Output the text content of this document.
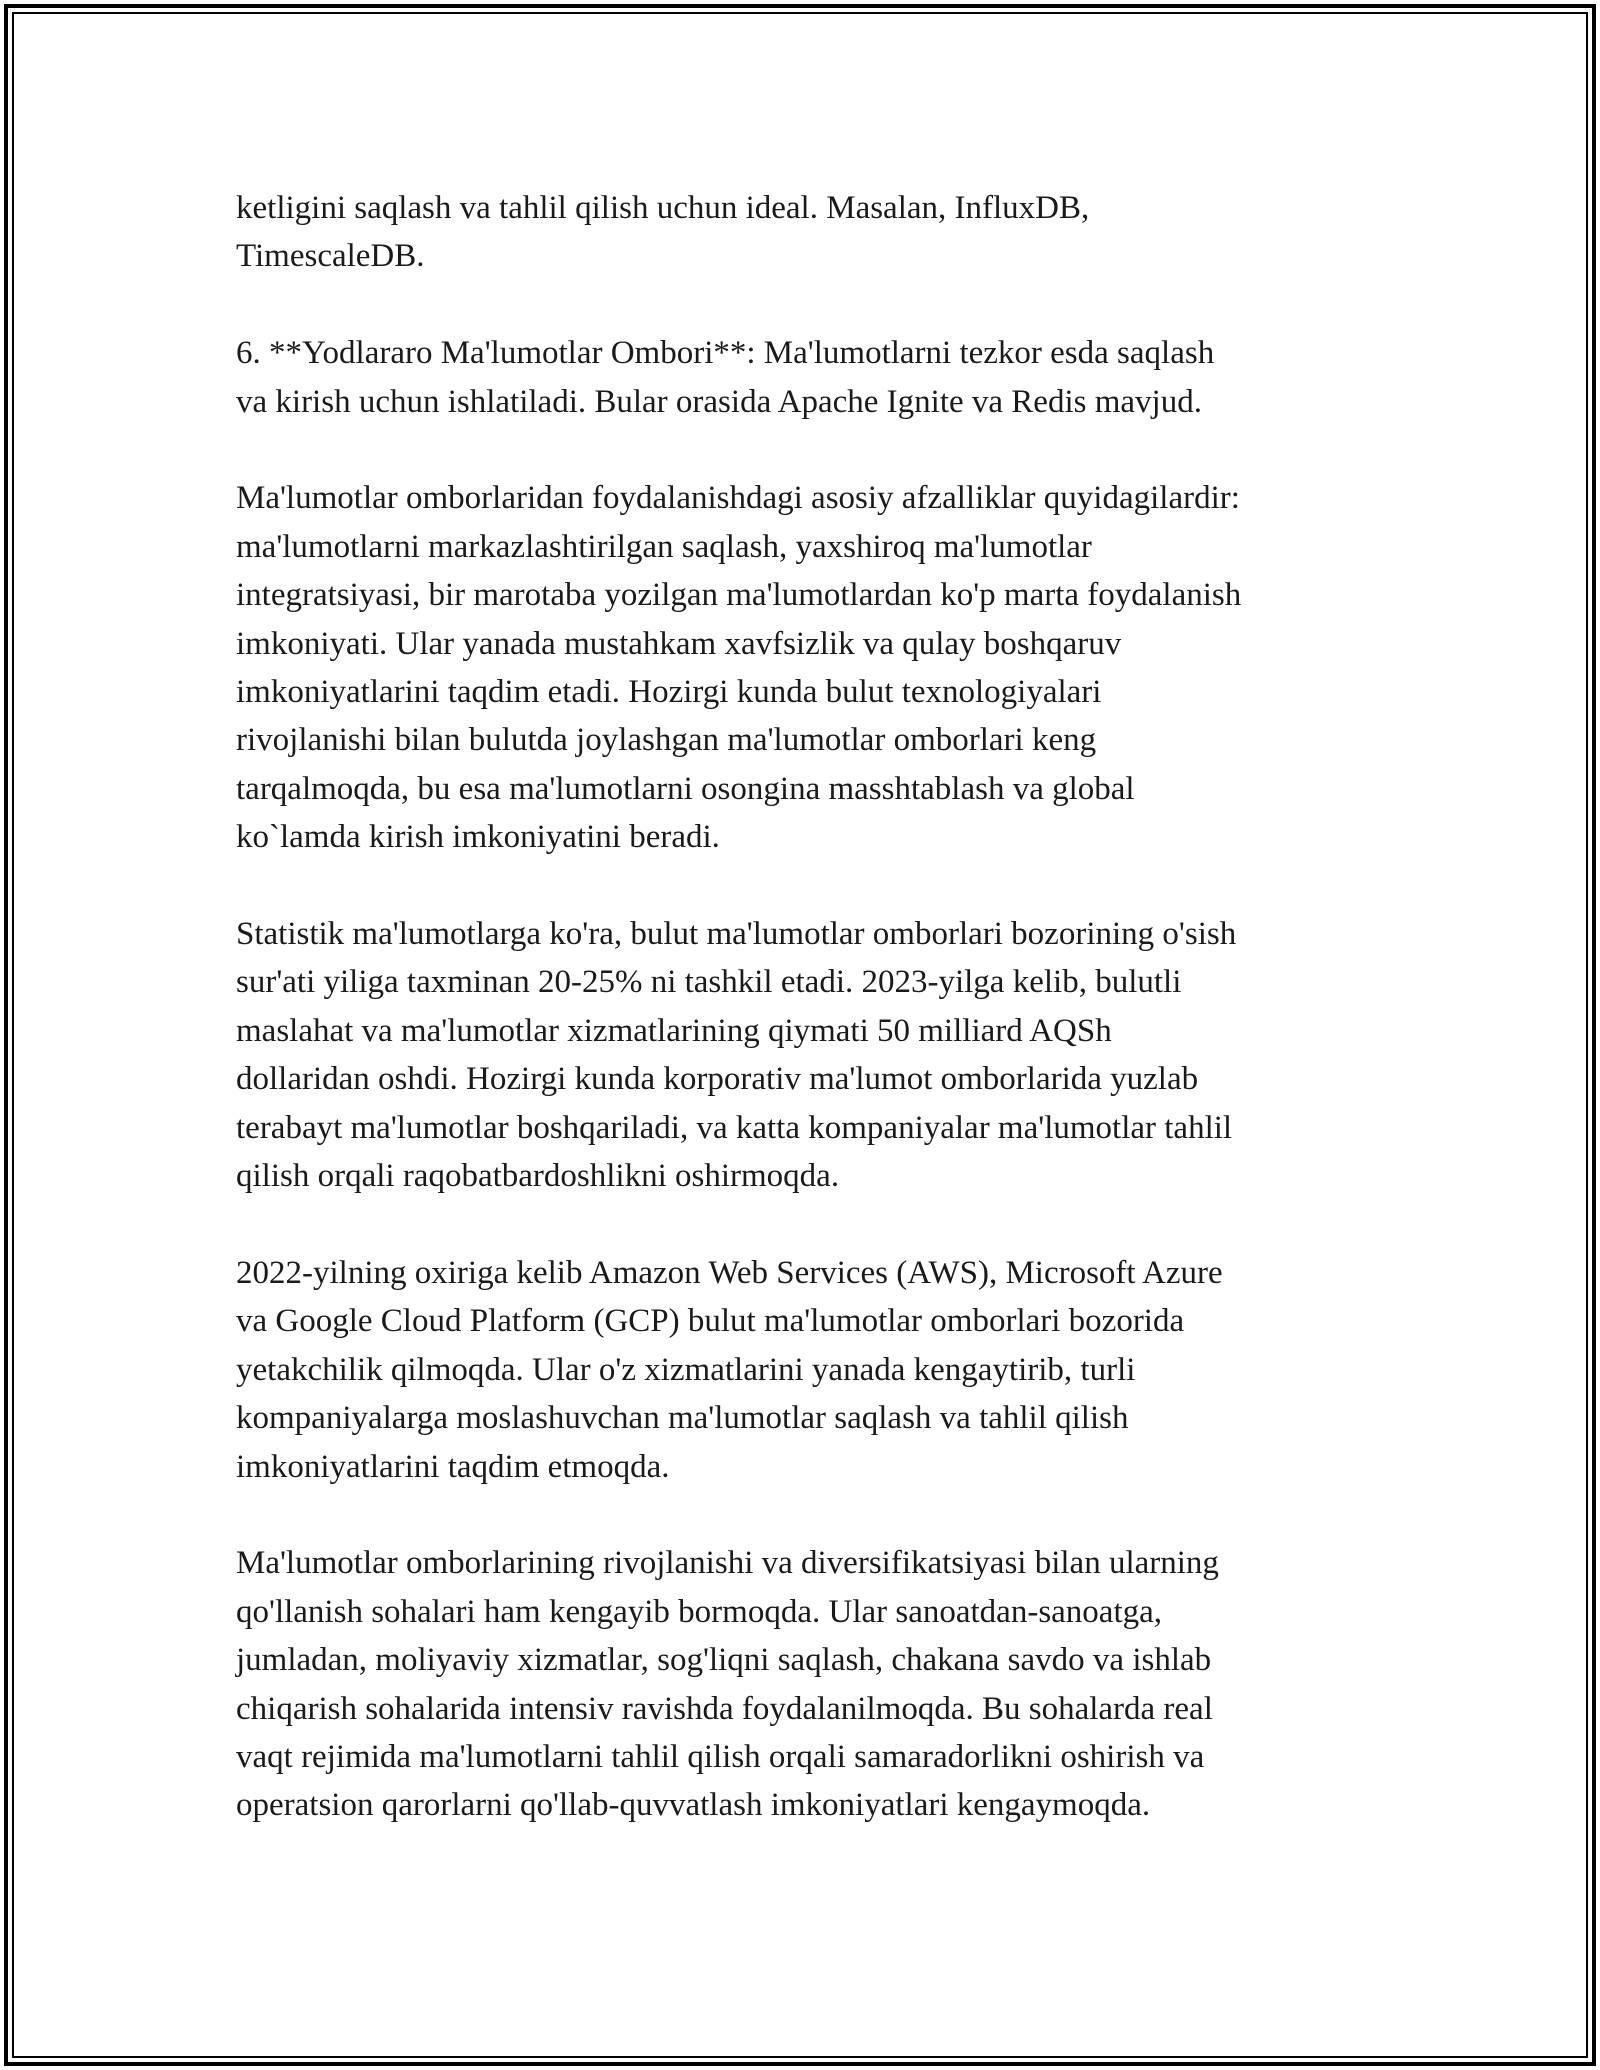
ketligini saqlash va tahlil qilish uchun ideal. Masalan, InfluxDB,
TimescaleDB.

6. **Yodlararo Ma'lumotlar Ombori**: Ma'lumotlarni tezkor esda saqlash
va kirish uchun ishlatiladi. Bular orasida Apache Ignite va Redis mavjud.

Ma'lumotlar omborlaridan foydalanishdagi asosiy afzalliklar quyidagilardir:
ma'lumotlarni markazlashtirilgan saqlash, yaxshiroq ma'lumotlar
integratsiyasi, bir marotaba yozilgan ma'lumotlardan ko'p marta foydalanish
imkoniyati. Ular yanada mustahkam xavfsizlik va qulay boshqaruv
imkoniyatlarini taqdim etadi. Hozirgi kunda bulut texnologiyalari
rivojlanishi bilan bulutda joylashgan ma'lumotlar omborlari keng
tarqalmoqda, bu esa ma'lumotlarni osongina masshtablash va global
ko`lamda kirish imkoniyatini beradi.

Statistik ma'lumotlarga ko'ra, bulut ma'lumotlar omborlari bozorining o'sish
sur'ati yiliga taxminan 20-25% ni tashkil etadi. 2023-yilga kelib, bulutli
maslahat va ma'lumotlar xizmatlarining qiymati 50 milliard AQSh
dollaridan oshdi. Hozirgi kunda korporativ ma'lumot omborlarida yuzlab
terabayt ma'lumotlar boshqariladi, va katta kompaniyalar ma'lumotlar tahlil
qilish orqali raqobatbardoshlikni oshirmoqda.

2022-yilning oxiriga kelib Amazon Web Services (AWS), Microsoft Azure
va Google Cloud Platform (GCP) bulut ma'lumotlar omborlari bozorida
yetakchilik qilmoqda. Ular o'z xizmatlarini yanada kengaytirib, turli
kompaniyalarga moslashuvchan ma'lumotlar saqlash va tahlil qilish
imkoniyatlarini taqdim etmoqda.

Ma'lumotlar omborlarining rivojlanishi va diversifikatsiyasi bilan ularning
qo'llanish sohalari ham kengayib bormoqda. Ular sanoatdan-sanoatga,
jumladan, moliyaviy xizmatlar, sog'liqni saqlash, chakana savdo va ishlab
chiqarish sohalarida intensiv ravishda foydalanilmoqda. Bu sohalarda real
vaqt rejimida ma'lumotlarni tahlil qilish orqali samaradorlikni oshirish va
operatsion qarorlarni qo'llab-quvvatlash imkoniyatlari kengaymoqda.
